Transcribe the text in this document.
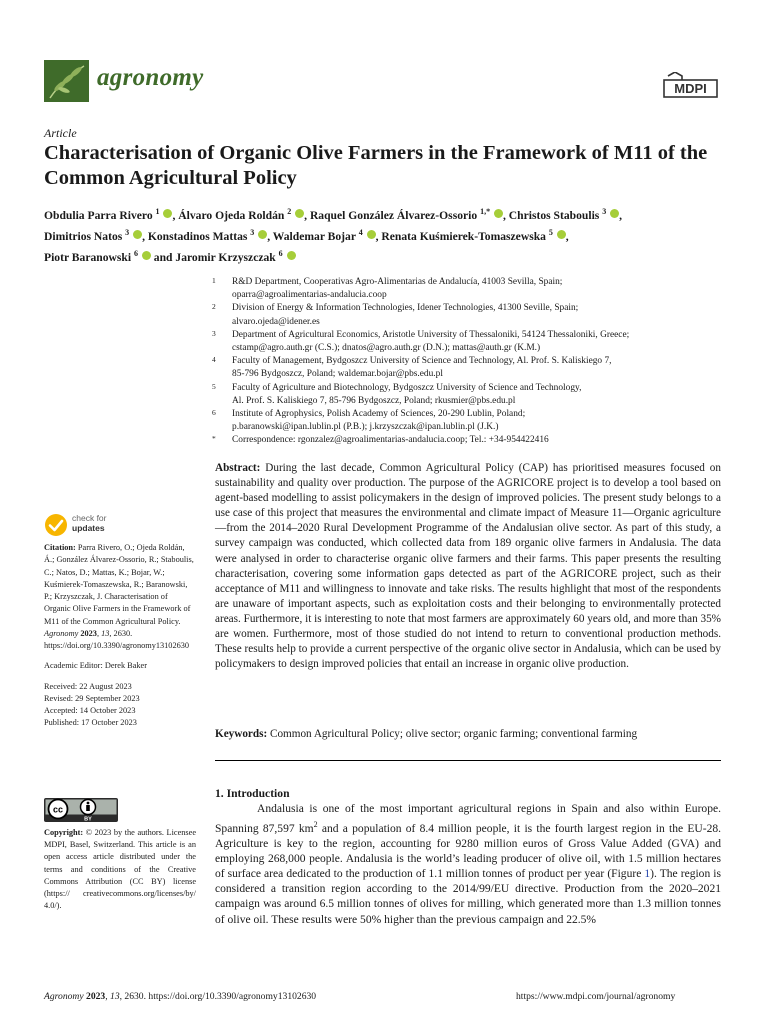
agronomy	MDPI
Article
Characterisation of Organic Olive Farmers in the Framework of M11 of the Common Agricultural Policy
Obdulia Parra Rivero $^1$ , Álvaro Ojeda Roldán $^2$ , Raquel González Álvarez-Ossorio $^{1,*}$ , Christos Staboulis $^3$ ,
Dimitrios Natos $^3$ , Konstadinos Mattas $^3$ , Waldemar Bojar $^4$ , Renata Kuśmierek-Tomaszewska $^5$ ,
Piotr Baranowski $^6$  and Jaromir Krzyszczak $^6$
1 R&D Department, Cooperativas Agro-Alimentarias de Andalucía, 41003 Sevilla, Spain;
oparra@agroalimentarias-andalucia.coop
2 Division of Energy & Information Technologies, Idener Technologies, 41300 Seville, Spain;
alvaro.ojeda@idener.es
3 Department of Agricultural Economics, Aristotle University of Thessaloniki, 54124 Thessaloniki, Greece;
cstamp@agro.auth.gr (C.S.); dnatos@agro.auth.gr (D.N.); mattas@auth.gr (K.M.)
4 Faculty of Management, Bydgoszcz University of Science and Technology, Al. Prof. S. Kaliskiego 7,
85-796 Bydgoszcz, Poland; waldemar.bojar@pbs.edu.pl
5 Faculty of Agriculture and Biotechnology, Bydgoszcz University of Science and Technology,
Al. Prof. S. Kaliskiego 7, 85-796 Bydgoszcz, Poland; rkusmier@pbs.edu.pl
6 Institute of Agrophysics, Polish Academy of Sciences, 20-290 Lublin, Poland;
p.baranowski@ipan.lublin.pl (P.B.); j.krzyszczak@ipan.lublin.pl (J.K.)
* Correspondence: rgonzalez@agroalimentarias-andalucia.coop; Tel.: +34-954422416
Abstract: During the last decade, Common Agricultural Policy (CAP) has prioritised measures focused on sustainability and quality over production. The purpose of the AGRICORE project is to develop a tool based on agent-based modelling to assist policymakers in the design of improved policies. The present study belongs to a use case of this project that measures the environmental and climate impact of Measure 11—Organic agriculture—from the 2014–2020 Rural Development Programme of the Andalusian olive sector. As part of this study, a survey campaign was conducted, which collected data from 189 organic olive farmers in Andalusia. The data were analysed in order to characterise organic olive farmers and their farms. This paper presents the resulting characterisation, covering some information gaps detected as part of the AGRICORE project, such as their acceptance of M11 and willingness to innovate and take risks. The results highlight that most of the respondents are unaware of important aspects, such as exploitation costs and their belonging to environmentally protected areas. Furthermore, it is interesting to note that most farmers are approximately 60 years old, and more than 35% are women. Furthermore, most of those studied do not intend to return to conventional production methods. These results help to provide a current perspective of the organic olive sector in Andalusia, which can be used by policymakers to design improved policies that entail an increase in organic olive production.
Keywords: Common Agricultural Policy; olive sector; organic farming; conventional farming
check for
updates
Citation: Parra Rivero, O.; Ojeda Roldán, Á.; González Álvarez-Ossorio, R.; Staboulis, C.; Natos, D.; Mattas, K.; Bojar, W.; Kuśmierek-Tomaszewska, R.; Baranowski, P.; Krzyszczak, J. Characterisation of Organic Olive Farmers in the Framework of M11 of the Common Agricultural Policy. Agronomy 2023, 13, 2630. https://doi.org/10.3390/agronomy13102630
Academic Editor: Derek Baker
Received: 22 August 2023
Revised: 29 September 2023
Accepted: 14 October 2023
Published: 17 October 2023
cc
BY
Copyright: © 2023 by the authors. Licensee MDPI, Basel, Switzerland. This article is an open access article distributed under the terms and conditions of the Creative Commons Attribution (CC BY) license (https:// creativecommons.org/licenses/by/ 4.0/).
1. Introduction

Andalusia is one of the most important agricultural regions in Spain and also within Europe. Spanning 87,597 $km^2$ and a population of 8.4 million people, it is the fourth largest region in the EU-28. Agriculture is key to the region, accounting for 9280 million euros of Gross Value Added (GVA) and employing 268,000 people. Andalusia is the world’s leading producer of olive oil, with 1.5 million hectares of surface area dedicated to the production of 1.1 million tonnes of product per year (Figure 1). The region is considered a transition region according to the 2014/99/EU directive. Production from the 2020–2021 campaign was around 6.5 million tonnes of olives for milling, which generated more than 1.3 million tonnes of olive oil. These results were 50% higher than the previous campaign and 22.5%

Agronomy 2023, 13, 2630. https://doi.org/10.3390/agronomy13102630	https://www.mdpi.com/journal/agronomy
